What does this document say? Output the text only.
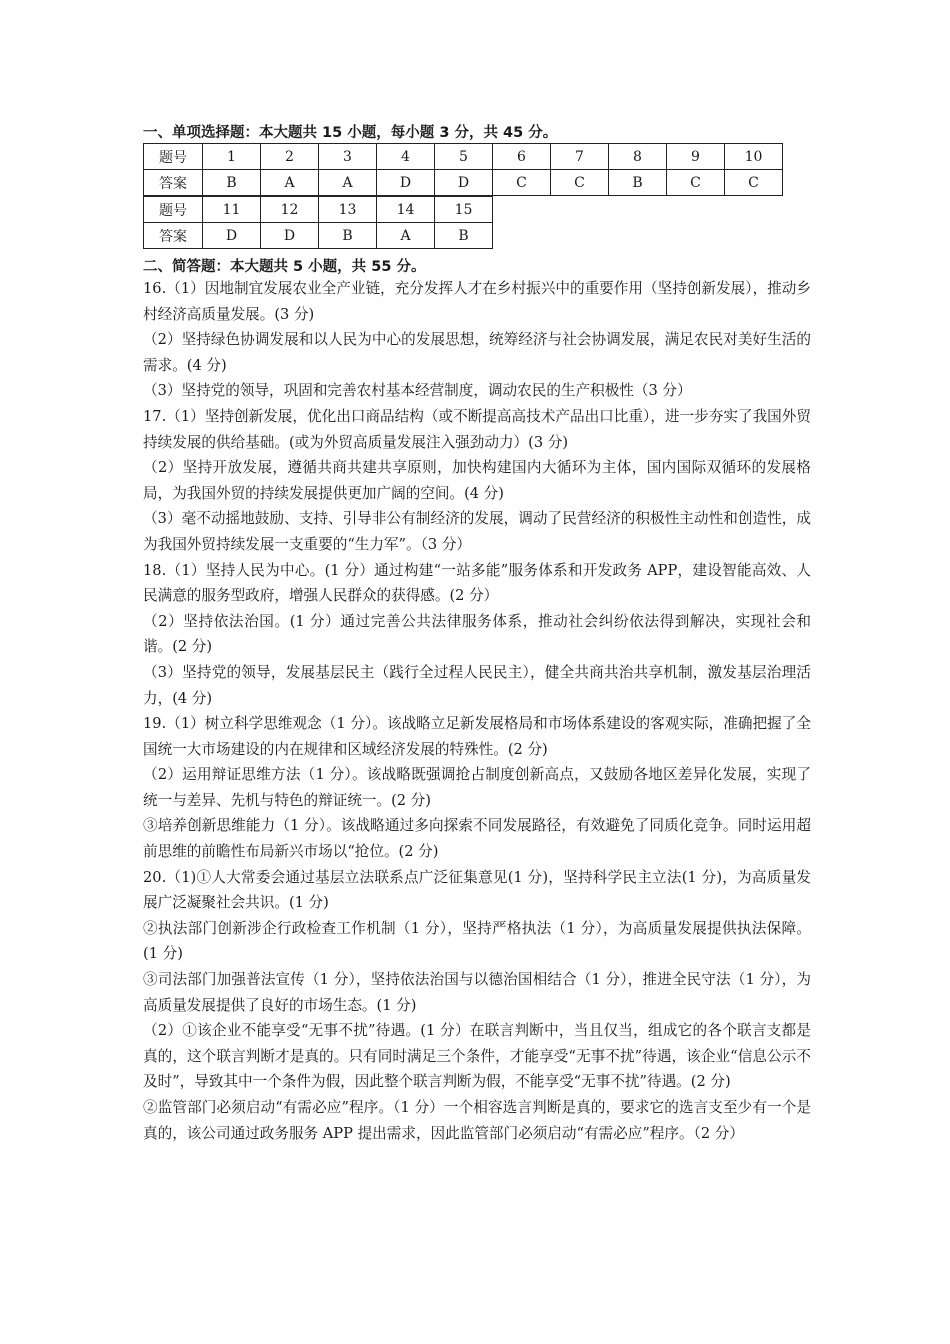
一、单项选择题：本大题共 15 小题，每小题 3 分，共 45 分。
题号	1	2	3	4	5	6	7	8	9	10
答案	B	A	A	D	D	C	C	B	C	C
题号	11	12	13	14	15
答案	D	D	B	A	B
二、简答题：本大题共 5 小题，共 55 分。

16.（1）因地制宜发展农业全产业链，充分发挥人才在乡村振兴中的重要作用（坚持创新发展），推动乡村经济高质量发展。(3 分)

（2）坚持绿色协调发展和以人民为中心的发展思想，统筹经济与社会协调发展，满足农民对美好生活的需求。(4 分)

（3）坚持党的领导，巩固和完善农村基本经营制度，调动农民的生产积极性（3 分）

17.（1）坚持创新发展，优化出口商品结构（或不断提高高技术产品出口比重），进一步夯实了我国外贸持续发展的供给基础。(或为外贸高质量发展注入强劲动力）(3 分)

（2）坚持开放发展，遵循共商共建共享原则，加快构建国内大循环为主体，国内国际双循环的发展格局，为我国外贸的持续发展提供更加广阔的空间。(4 分)

（3）毫不动摇地鼓励、支持、引导非公有制经济的发展，调动了民营经济的积极性主动性和创造性，成为我国外贸持续发展一支重要的“生力军”。（3 分）

18.（1）坚持人民为中心。(1 分）通过构建“一站多能”服务体系和开发政务 APP，建设智能高效、人民满意的服务型政府，增强人民群众的获得感。(2 分）

（2）坚持依法治国。(1 分）通过完善公共法律服务体系，推动社会纠纷依法得到解决，实现社会和谐。(2 分)

（3）坚持党的领导，发展基层民主（践行全过程人民民主），健全共商共治共享机制，激发基层治理活力，(4 分)

19.（1）树立科学思维观念（1 分）。该战略立足新发展格局和市场体系建设的客观实际，准确把握了全国统一大市场建设的内在规律和区域经济发展的特殊性。(2 分)

（2）运用辩证思维方法（1 分）。该战略既强调抢占制度创新高点，又鼓励各地区差异化发展，实现了统一与差异、先机与特色的辩证统一。(2 分)

③培养创新思维能力（1 分）。该战略通过多向探索不同发展路径，有效避免了同质化竞争。同时运用超前思维的前瞻性布局新兴市场以“抢位。(2 分)

20.（1)①人大常委会通过基层立法联系点广泛征集意见(1 分)，坚持科学民主立法(1 分)，为高质量发展广泛凝聚社会共识。(1 分)

②执法部门创新涉企行政检查工作机制（1 分），坚持严格执法（1 分），为高质量发展提供执法保障。(1 分)

③司法部门加强普法宣传（1 分），坚持依法治国与以德治国相结合（1 分），推进全民守法（1 分），为高质量发展提供了良好的市场生态。(1 分)

（2）①该企业不能享受“无事不扰”待遇。(1 分）在联言判断中，当且仅当，组成它的各个联言支都是真的，这个联言判断才是真的。只有同时满足三个条件，才能享受“无事不扰”待遇，该企业“信息公示不及时”，导致其中一个条件为假，因此整个联言判断为假，不能享受“无事不扰”待遇。(2 分)

②监管部门必须启动“有需必应”程序。（1 分）一个相容选言判断是真的，要求它的选言支至少有一个是真的，该公司通过政务服务 APP 提出需求，因此监管部门必须启动“有需必应”程序。（2 分）
